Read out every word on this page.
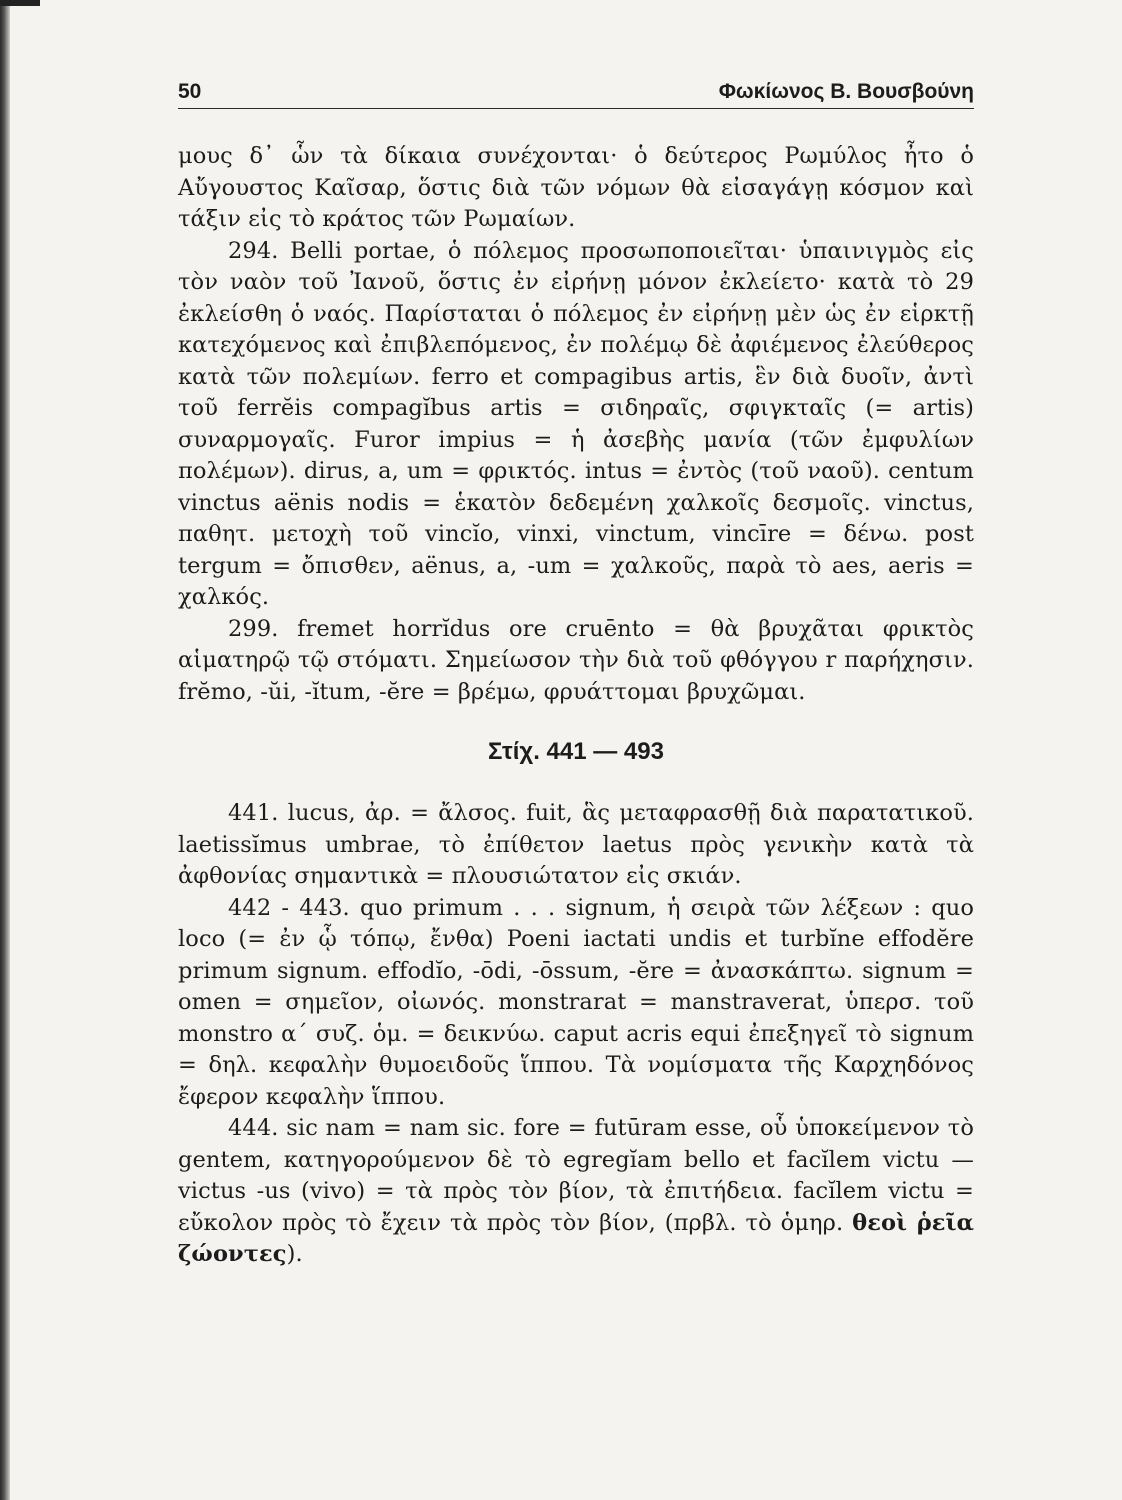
50	Φωκίωνος Β. Βουσβούνη

μους δ᾽ ὧν τὰ δίκαια συνέχονται· ὁ δεύτερος Ρωμύλος ἦτο ὁ Αὔγουστος Καῖσαρ, ὅστις διὰ τῶν νόμων θὰ εἰσαγάγῃ κόσμον καὶ τάξιν εἰς τὸ κράτος τῶν Ρωμαίων.

294. Belli portae, ὁ πόλεμος προσωποποιεῖται· ὑπαινιγμὸς εἰς τὸν ναὸν τοῦ Ἰανοῦ, ὅστις ἐν εἰρήνῃ μόνον ἐκλείετο· κατὰ τὸ 29 ἐκλείσθη ὁ ναός. Παρίσταται ὁ πόλεμος ἐν εἰρήνῃ μὲν ὡς ἐν εἱρκτῇ κατεχόμενος καὶ ἐπιβλεπόμενος, ἐν πολέμῳ δὲ ἀφιέμενος ἐλεύθερος κατὰ τῶν πολεμίων. ferro et compagibus artis, ἓν διὰ δυοῖν, ἀντὶ τοῦ ferrĕis compagĭbus artis = σιδηραῖς, σφιγκταῖς (= artis) συναρμογαῖς. Furor impius = ἡ ἀσεβὴς μανία (τῶν ἐμφυλίων πολέμων). dirus, a, um = φρικτός. intus = ἐντὸς (τοῦ ναοῦ). centum vinctus aënis nodis = ἑκατὸν δεδεμένη χαλκοῖς δεσμοῖς. vinctus, παθητ. μετοχὴ τοῦ vincĭo, vinxi, vinctum, vincīre = δένω. post tergum = ὄπισθεν, aënus, a, -um = χαλκοῦς, παρὰ τὸ aes, aeris = χαλκός.

299. fremet horrĭdus ore cruēnto = θὰ βρυχᾶται φρικτὸς αἱματηρῷ τῷ στόματι. Σημείωσον τὴν διὰ τοῦ φθόγγου r παρήχησιν. frĕmo, -ŭi, -ĭtum, -ĕre = βρέμω, φρυάττομαι βρυχῶμαι.

Στίχ. 441 — 493

441. lucus, ἀρ. = ἄλσος. fuit, ἃς μεταφρασθῇ διὰ παρατατικοῦ. laetissĭmus umbrae, τὸ ἐπίθετον laetus πρὸς γενικὴν κατὰ τὰ ἀφθονίας σημαντικὰ = πλουσιώτατον εἰς σκιάν.

442 - 443. quo primum . . . signum, ἡ σειρὰ τῶν λέξεων : quo loco (= ἐν ᾧ τόπῳ, ἔνθα) Poeni iactati undis et turbĭne effodĕre primum signum. effodĭo, -ōdi, -ōssum, -ĕre = ἀνασκάπτω. signum = omen = σημεῖον, οἰωνός. monstrarat = manstraverat, ὑπερσ. τοῦ monstro α΄ συζ. ὁμ. = δεικνύω. caput acris equi ἐπεξηγεῖ τὸ signum = δηλ. κεφαλὴν θυμοειδοῦς ἵππου. Τὰ νομίσματα τῆς Καρχηδόνος ἔφερον κεφαλὴν ἵππου.

444. sic nam = nam sic. fore = futūram esse, οὗ ὑποκείμενον τὸ gentem, κατηγορούμενον δὲ τὸ egregĭam bello et facĭlem victu — victus -us (vivo) = τὰ πρὸς τὸν βίον, τὰ ἐπιτήδεια. facĭlem victu = εὔκολον πρὸς τὸ ἔχειν τὰ πρὸς τὸν βίον, (πρβλ. τὸ ὁμηρ. θεοὶ ῥεῖα ζώοντες).
